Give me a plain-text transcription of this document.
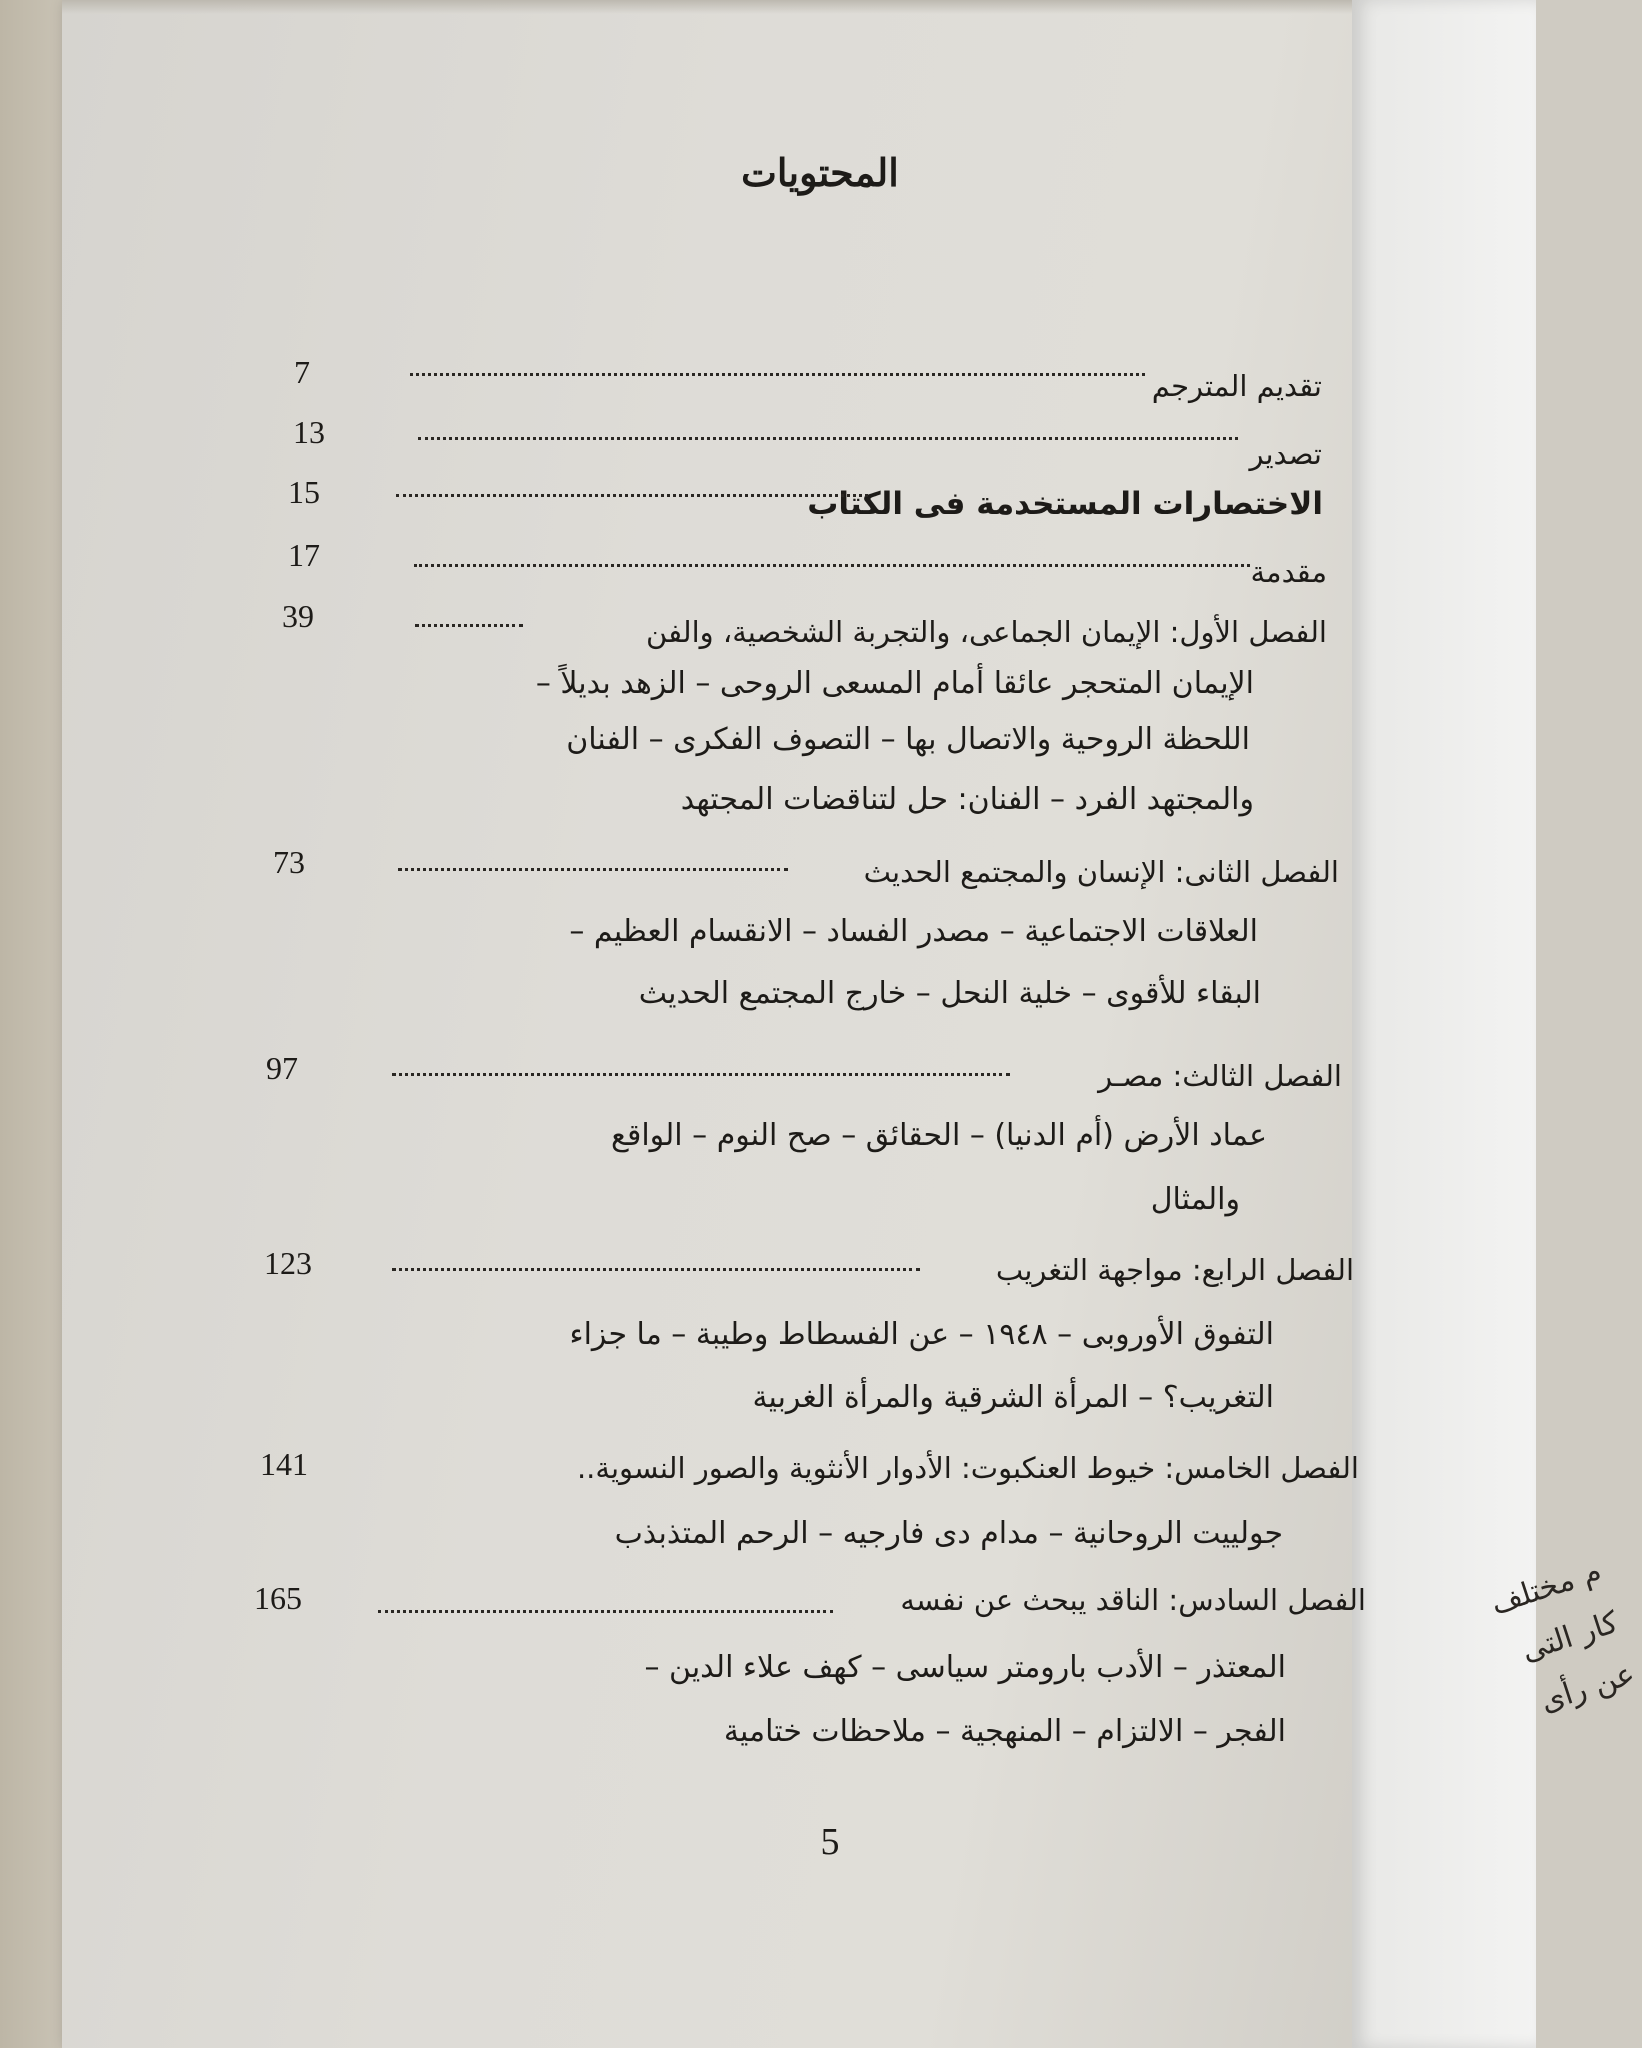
م مختلف
كار التى
عن رأى
المحتويات
تقديم المترجم
7
تصدير
13
الاختصارات المستخدمة فى الكتاب
15
مقدمة
17
الفصل الأول: الإيمان الجماعى، والتجربة الشخصية، والفن
39
الإيمان المتحجر عائقا أمام المسعى الروحى – الزهد بديلاً –
اللحظة الروحية والاتصال بها – التصوف الفكرى – الفنان
والمجتهد الفرد – الفنان: حل لتناقضات المجتهد
الفصل الثانى: الإنسان والمجتمع الحديث
73
العلاقات الاجتماعية – مصدر الفساد – الانقسام العظيم –
البقاء للأقوى – خلية النحل – خارج المجتمع الحديث
الفصل الثالث: مصـر
97
عماد الأرض (أم الدنيا) – الحقائق – صح النوم – الواقع
والمثال
الفصل الرابع: مواجهة التغريب
123
التفوق الأوروبى – ١٩٤٨ – عن الفسطاط وطيبة – ما جزاء
التغريب؟ – المرأة الشرقية والمرأة الغربية
الفصل الخامس: خيوط العنكبوت: الأدوار الأنثوية والصور النسوية..
141
جولييت الروحانية – مدام دى فارجيه – الرحم المتذبذب
الفصل السادس: الناقد يبحث عن نفسه
165
المعتذر – الأدب بارومتر سياسى – كهف علاء الدين –
الفجر – الالتزام – المنهجية – ملاحظات ختامية
5
